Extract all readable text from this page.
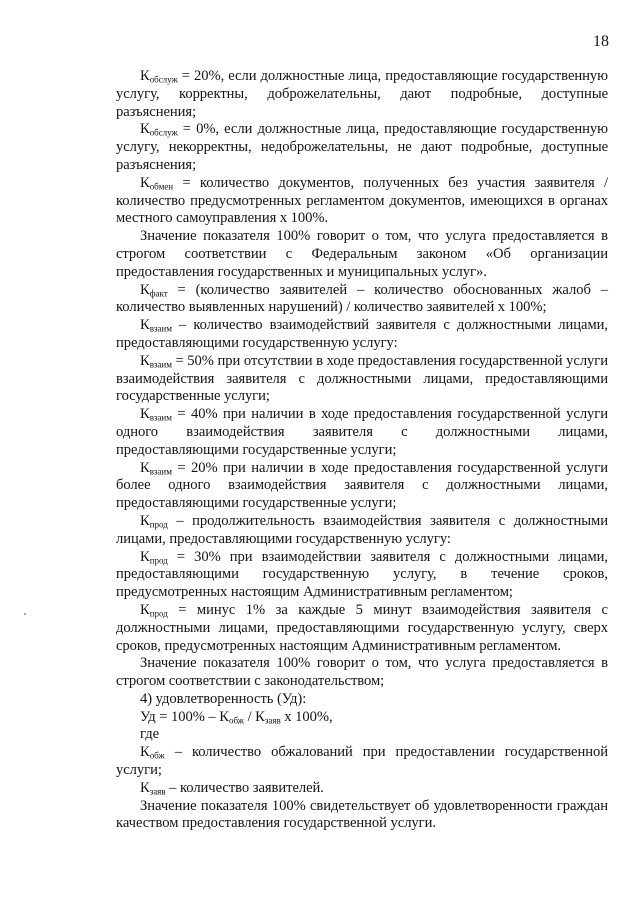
18

$К_{обслуж} = 20\%$, если должностные лица, предоставляющие государственную услугу, корректны, доброжелательны, дают подробные, доступные разъяснения;

$К_{обслуж} = 0\%$, если должностные лица, предоставляющие государственную услугу, некорректны, недоброжелательны, не дают подробные, доступные разъяснения;

$К_{обмен}$ = количество документов, полученных без участия заявителя / количество предусмотренных регламентом документов, имеющихся в органах местного самоуправления х 100%.

Значение показателя 100% говорит о том, что услуга предоставляется в строгом соответствии с Федеральным законом «Об организации предоставления государственных и муниципальных услуг».

$К_{факт}$ = (количество заявителей – количество обоснованных жалоб – количество выявленных нарушений) / количество заявителей х 100%;

$К_{взаим}$ – количество взаимодействий заявителя с должностными лицами, предоставляющими государственную услугу:

$К_{взаим} = 50\%$ при отсутствии в ходе предоставления государственной услуги взаимодействия заявителя с должностными лицами, предоставляющими государственные услуги;

$К_{взаим} = 40\%$ при наличии в ходе предоставления государственной услуги одного взаимодействия заявителя с должностными лицами, предоставляющими государственные услуги;

$К_{взаим} = 20\%$ при наличии в ходе предоставления государственной услуги более одного взаимодействия заявителя с должностными лицами, предоставляющими государственные услуги;

$К_{прод}$ – продолжительность взаимодействия заявителя с должностными лицами, предоставляющими государственную услугу:

$К_{прод} = 30\%$ при взаимодействии заявителя с должностными лицами, предоставляющими государственную услугу, в течение сроков, предусмотренных настоящим Административным регламентом;

$К_{прод}$ = минус 1% за каждые 5 минут взаимодействия заявителя с должностными лицами, предоставляющими государственную услугу, сверх сроков, предусмотренных настоящим Административным регламентом.

Значение показателя 100% говорит о том, что услуга предоставляется в строгом соответствии с законодательством;

4) удовлетворенность (Уд):

Уд = $100\% - К_{обж} / К_{заяв}$ х 100%,

где

$К_{обж}$ – количество обжалований при предоставлении государственной услуги;

$К_{заяв}$ – количество заявителей.

Значение показателя 100% свидетельствует об удовлетворенности граждан качеством предоставления государственной услуги.
